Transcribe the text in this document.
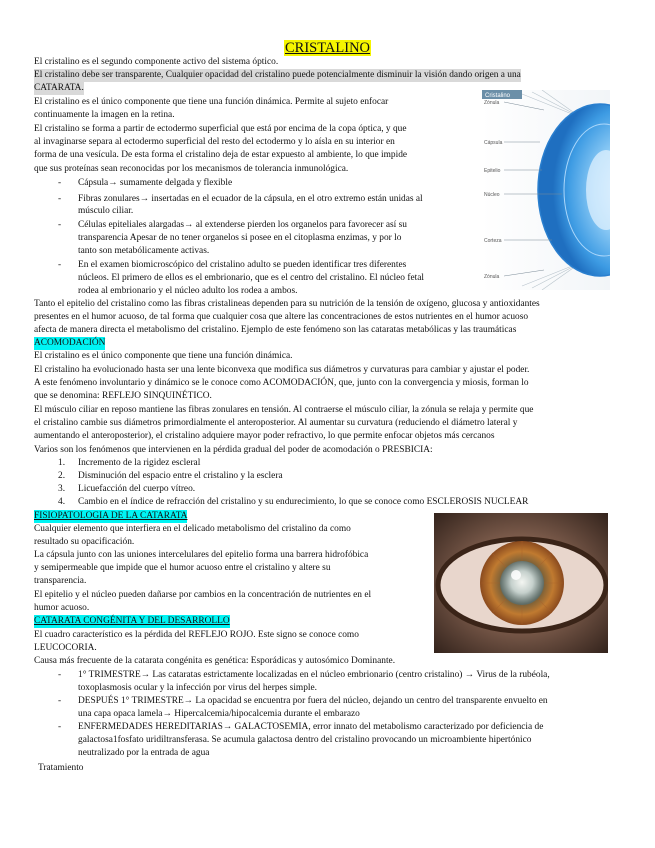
CRISTALINO
El cristalino es el segundo componente activo del sistema óptico.
El cristalino debe ser transparente, Cualquier opacidad del cristalino puede potencialmente disminuir la visión dando origen a una
CATARATA.
El cristalino es el único componente que tiene una función dinámica. Permite al sujeto enfocar
continuamente la imagen en la retina.
El cristalino se forma a partir de ectodermo superficial que está por encima de la copa óptica, y que
al invaginarse separa al ectodermo superficial del resto del ectodermo y lo aísla en su interior en
forma de una vesícula. De esta forma el cristalino deja de estar expuesto al ambiente, lo que impide
que sus proteínas sean reconocidas por los mecanismos de tolerancia inmunológica.
- Cápsula→ sumamente delgada y flexible
- Fibras zonulares→ insertadas en el ecuador de la cápsula, en el otro extremo están unidas al
músculo ciliar.
- Células epiteliales alargadas→ al extenderse pierden los organelos para favorecer así su
transparencia Apesar de no tener organelos si posee en el citoplasma enzimas, y por lo
tanto son metabólicamente activas.
- En el examen biomicroscópico del cristalino adulto se pueden identificar tres diferentes
núcleos. El primero de ellos es el embrionario, que es el centro del cristalino. El núcleo fetal
rodea al embrionario y el núcleo adulto los rodea a ambos.
Tanto el epitelio del cristalino como las fibras cristalineas dependen para su nutrición de la tensión de oxígeno, glucosa y antioxidantes
presentes en el humor acuoso, de tal forma que cualquier cosa que altere las concentraciones de estos nutrientes en el humor acuoso
afecta de manera directa el metabolismo del cristalino. Ejemplo de este fenómeno son las cataratas metabólicas y las traumáticas
ACOMODACIÓN
El cristalino es el único componente que tiene una función dinámica.
El cristalino ha evolucionado hasta ser una lente biconvexa que modifica sus diámetros y curvaturas para cambiar y ajustar el poder.
A este fenómeno involuntario y dinámico se le conoce como ACOMODACIÓN, que, junto con la convergencia y miosis, forman lo
que se denomina: REFLEJO SINQUINÉTICO.
El músculo ciliar en reposo mantiene las fibras zonulares en tensión. Al contraerse el músculo ciliar, la zónula se relaja y permite que
el cristalino cambie sus diámetros primordialmente el anteroposterior. Al aumentar su curvatura (reduciendo el diámetro lateral y
aumentando el anteroposterior), el cristalino adquiere mayor poder refractivo, lo que permite enfocar objetos más cercanos
Varios son los fenómenos que intervienen en la pérdida gradual del poder de acomodación o PRESBICIA:
1. Incremento de la rigidez escleral
2. Disminución del espacio entre el cristalino y la esclera
3. Licuefacción del cuerpo vítreo.
4. Cambio en el índice de refracción del cristalino y su endurecimiento, lo que se conoce como ESCLEROSIS NUCLEAR
FISIOPATOLOGIA DE LA CATARATA
Cualquier elemento que interfiera en el delicado metabolismo del cristalino da como
resultado su opacificación.
La cápsula junto con las uniones intercelulares del epitelio forma una barrera hidrofóbica
y semipermeable que impide que el humor acuoso entre el cristalino y altere su
transparencia.
El epitelio y el núcleo pueden dañarse por cambios en la concentración de nutrientes en el
humor acuoso.
CATARATA CONGÉNITA Y DEL DESARROLLO
El cuadro característico es la pérdida del REFLEJO ROJO. Este signo se conoce como
LEUCOCORIA.
Causa más frecuente de la catarata congénita es genética: Esporádicas y autosómico Dominante.
- 1° TRIMESTRE→ Las cataratas estrictamente localizadas en el núcleo embrionario (centro cristalino) → Virus de la rubéola,
toxoplasmosis ocular y la infección por virus del herpes simple.
- DESPUÉS 1° TRIMESTRE→ La opacidad se encuentra por fuera del núcleo, dejando un centro del transparente envuelto en
una capa opaca lamela→ Hipercalcemia/hipocalcemia durante el embarazo
- ENFERMEDADES HEREDITARIAS→ GALACTOSEMIA, error innato del metabolismo caracterizado por deficiencia de
galactosa1fosfato uridiltransferasa. Se acumula galactosa dentro del cristalino provocando un microambiente hipertónico
neutralizado por la entrada de agua
Tratamiento
Cristalino
Zónula
Cápsula
Epitelio
Núcleo
Corteza
Zónula
